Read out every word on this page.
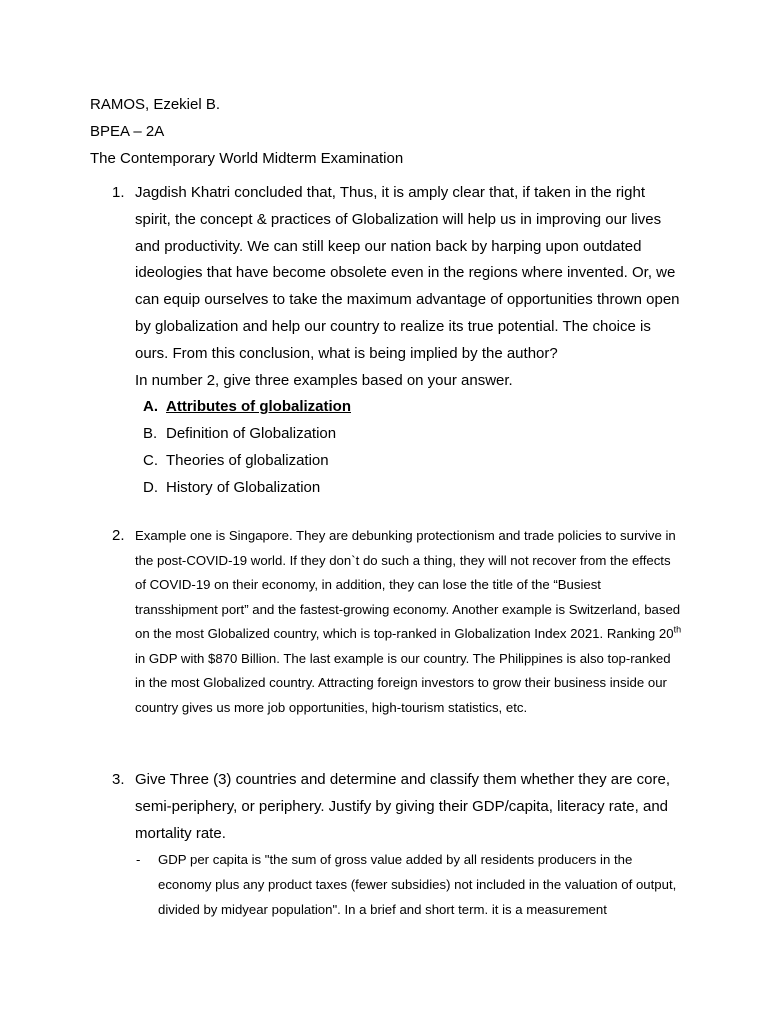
RAMOS, Ezekiel B.
BPEA – 2A
The Contemporary World Midterm Examination
1. Jagdish Khatri concluded that, Thus, it is amply clear that, if taken in the right spirit, the concept & practices of Globalization will help us in improving our lives and productivity. We can still keep our nation back by harping upon outdated ideologies that have become obsolete even in the regions where invented. Or, we can equip ourselves to take the maximum advantage of opportunities thrown open by globalization and help our country to realize its true potential. The choice is ours. From this conclusion, what is being implied by the author?
In number 2, give three examples based on your answer.
A. Attributes of globalization
B. Definition of Globalization
C. Theories of globalization
D. History of Globalization
2. Example one is Singapore. They are debunking protectionism and trade policies to survive in the post-COVID-19 world. If they don`t do such a thing, they will not recover from the effects of COVID-19 on their economy, in addition, they can lose the title of the “Busiest transshipment port” and the fastest-growing economy. Another example is Switzerland, based on the most Globalized country, which is top-ranked in Globalization Index 2021. Ranking 20th in GDP with $870 Billion. The last example is our country. The Philippines is also top-ranked in the most Globalized country. Attracting foreign investors to grow their business inside our country gives us more job opportunities, high-tourism statistics, etc.
3. Give Three (3) countries and determine and classify them whether they are core, semi-periphery, or periphery. Justify by giving their GDP/capita, literacy rate, and mortality rate.
- GDP per capita is "the sum of gross value added by all residents producers in the economy plus any product taxes (fewer subsidies) not included in the valuation of output, divided by midyear population". In a brief and short term. it is a measurement
